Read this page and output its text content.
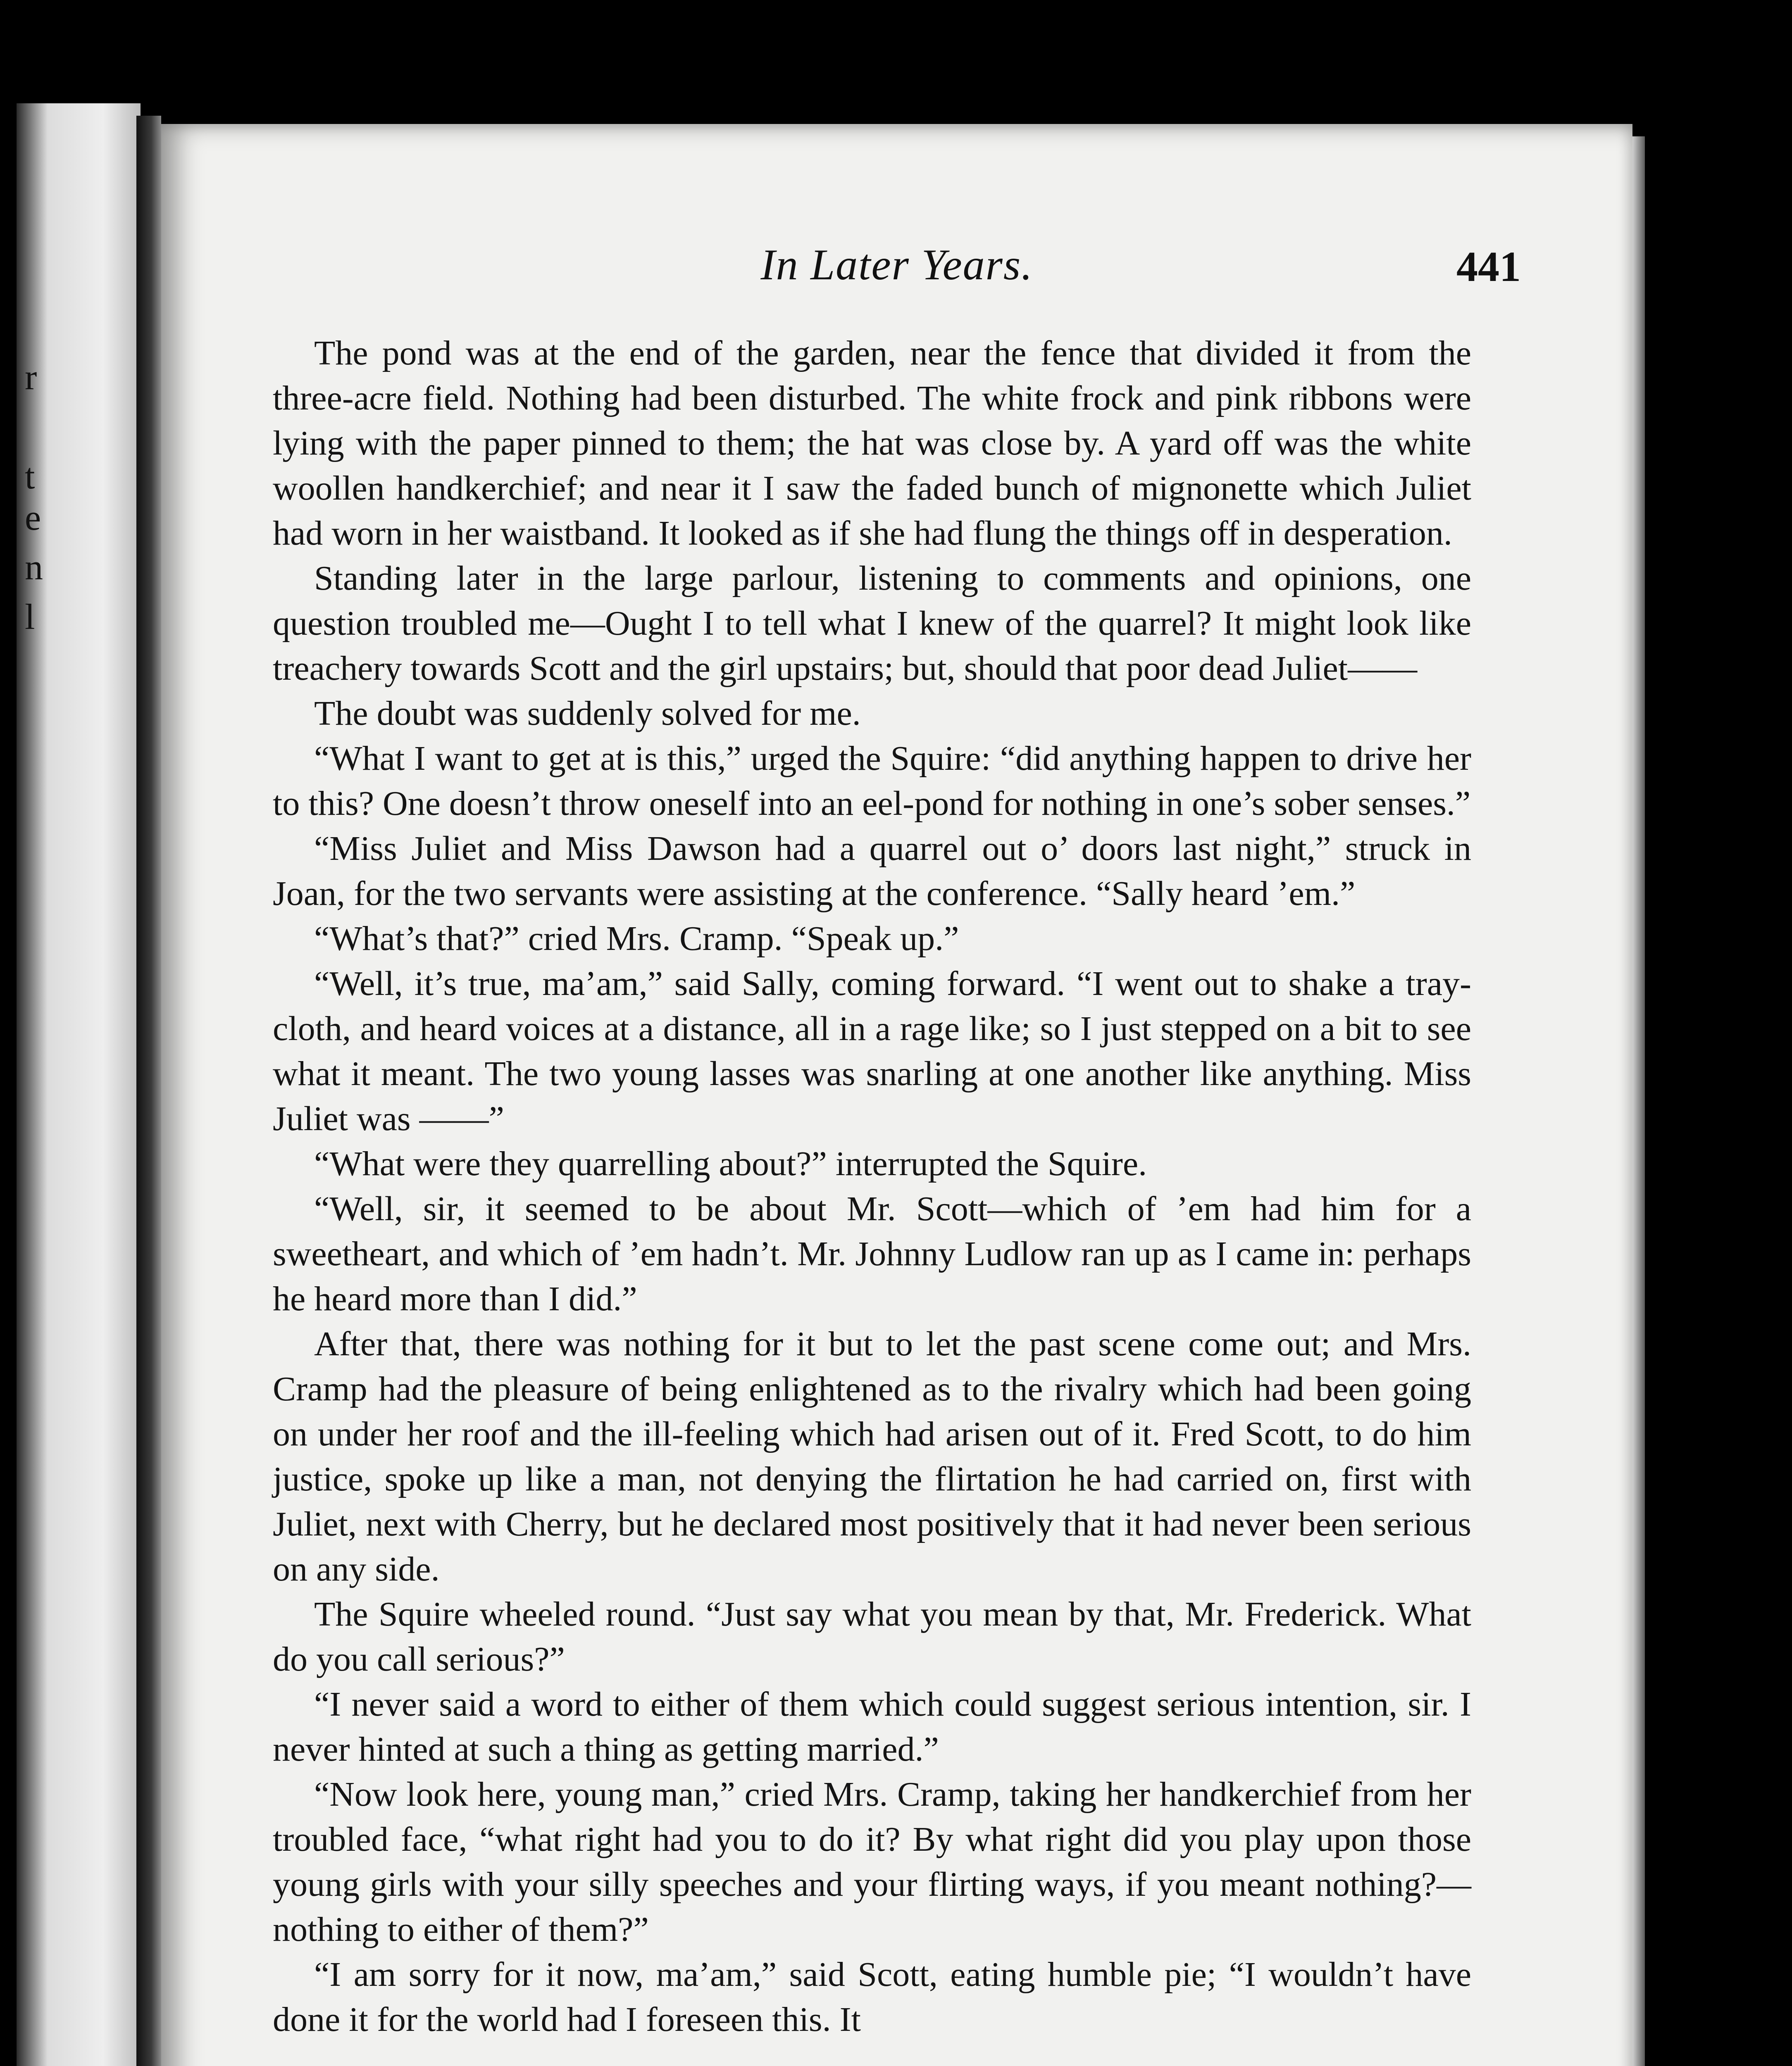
r
t
e
n
l
In Later Years.	441

The pond was at the end of the garden, near the fence that divided it from the three-acre field. Nothing had been disturbed. The white frock and pink ribbons were lying with the paper pinned to them; the hat was close by. A yard off was the white woollen handkerchief; and near it I saw the faded bunch of mignonette which Juliet had worn in her waistband. It looked as if she had flung the things off in desperation.

Standing later in the large parlour, listening to comments and opinions, one question troubled me—Ought I to tell what I knew of the quarrel? It might look like treachery towards Scott and the girl upstairs; but, should that poor dead Juliet——

The doubt was suddenly solved for me.

“What I want to get at is this,” urged the Squire: “did anything happen to drive her to this? One doesn’t throw oneself into an eel-pond for nothing in one’s sober senses.”

“Miss Juliet and Miss Dawson had a quarrel out o’ doors last night,” struck in Joan, for the two servants were assisting at the conference. “Sally heard ’em.”

“What’s that?” cried Mrs. Cramp. “Speak up.”

“Well, it’s true, ma’am,” said Sally, coming forward. “I went out to shake a tray-cloth, and heard voices at a distance, all in a rage like; so I just stepped on a bit to see what it meant. The two young lasses was snarling at one another like anything. Miss Juliet was ——”

“What were they quarrelling about?” interrupted the Squire.

“Well, sir, it seemed to be about Mr. Scott—which of ’em had him for a sweetheart, and which of ’em hadn’t. Mr. Johnny Ludlow ran up as I came in: perhaps he heard more than I did.”

After that, there was nothing for it but to let the past scene come out; and Mrs. Cramp had the pleasure of being enlightened as to the rivalry which had been going on under her roof and the ill-feeling which had arisen out of it. Fred Scott, to do him justice, spoke up like a man, not denying the flirtation he had carried on, first with Juliet, next with Cherry, but he declared most positively that it had never been serious on any side.

The Squire wheeled round. “Just say what you mean by that, Mr. Frederick. What do you call serious?”

“I never said a word to either of them which could suggest serious intention, sir. I never hinted at such a thing as getting married.”

“Now look here, young man,” cried Mrs. Cramp, taking her handkerchief from her troubled face, “what right had you to do it? By what right did you play upon those young girls with your silly speeches and your flirting ways, if you meant nothing?—nothing to either of them?”

“I am sorry for it now, ma’am,” said Scott, eating humble pie; “I wouldn’t have done it for the world had I foreseen this. It
